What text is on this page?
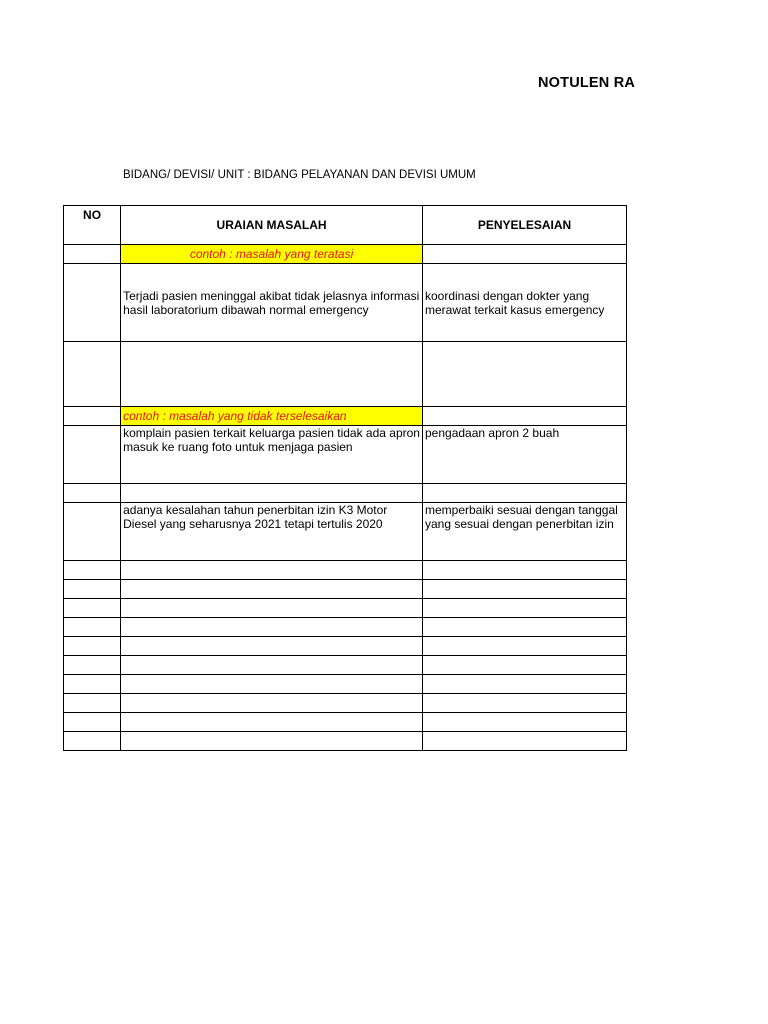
NOTULEN RA
BIDANG/ DEVISI/ UNIT : BIDANG PELAYANAN DAN DEVISI UMUM
NO	URAIAN MASALAH	PENYELESAIAN
	contoh : masalah yang teratasi	

	Terjadi pasien meninggal akibat tidak jelasnya informasi hasil laboratorium dibawah normal emergency	koordinasi dengan dokter yang merawat terkait kasus emergency

	contoh : masalah yang tidak terselesaikan	

	komplain pasien terkait keluarga pasien tidak ada apron masuk ke ruang foto untuk menjaga pasien	pengadaan apron 2 buah

	adanya kesalahan tahun penerbitan izin K3 Motor Diesel yang seharusnya 2021 tetapi tertulis 2020	memperbaiki sesuai dengan tanggal yang sesuai dengan penerbitan izin
